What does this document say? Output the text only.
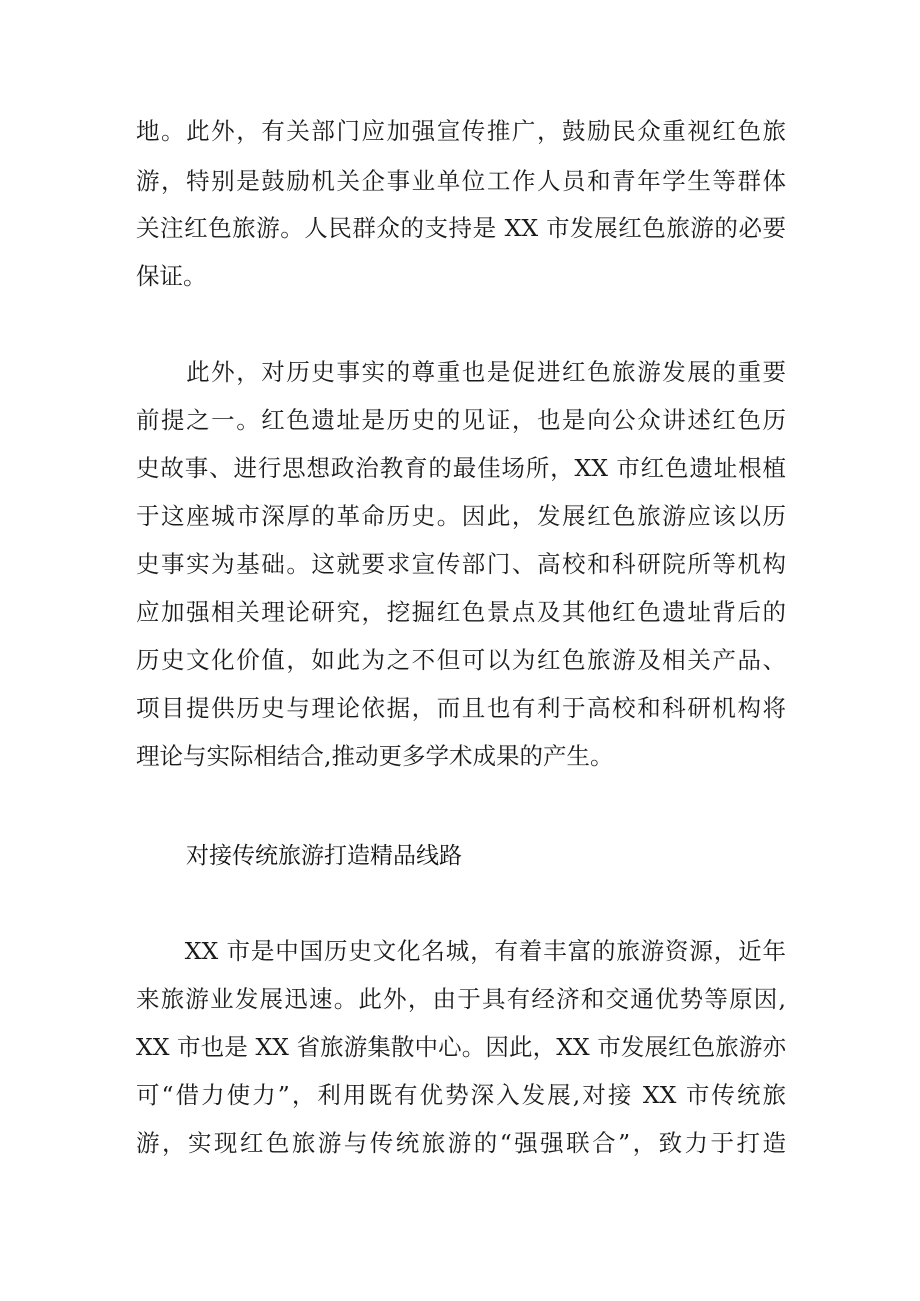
地。此外，有关部门应加强宣传推广，鼓励民众重视红色旅
游，特别是鼓励机关企事业单位工作人员和青年学生等群体
关注红色旅游。人民群众的支持是 XX 市发展红色旅游的必要
保证。
　　此外，对历史事实的尊重也是促进红色旅游发展的重要
前提之一。红色遗址是历史的见证，也是向公众讲述红色历
史故事、进行思想政治教育的最佳场所，XX 市红色遗址根植
于这座城市深厚的革命历史。因此，发展红色旅游应该以历
史事实为基础。这就要求宣传部门、高校和科研院所等机构
应加强相关理论研究，挖掘红色景点及其他红色遗址背后的
历史文化价值，如此为之不但可以为红色旅游及相关产品、
项目提供历史与理论依据，而且也有利于高校和科研机构将
理论与实际相结合,推动更多学术成果的产生。
对接传统旅游打造精品线路
　　XX 市是中国历史文化名城，有着丰富的旅游资源，近年
来旅游业发展迅速。此外，由于具有经济和交通优势等原因,
XX 市也是 XX 省旅游集散中心。因此，XX 市发展红色旅游亦
可“借力使力”，利用既有优势深入发展,对接 XX 市传统旅
游，实现红色旅游与传统旅游的“强强联合”，致力于打造
